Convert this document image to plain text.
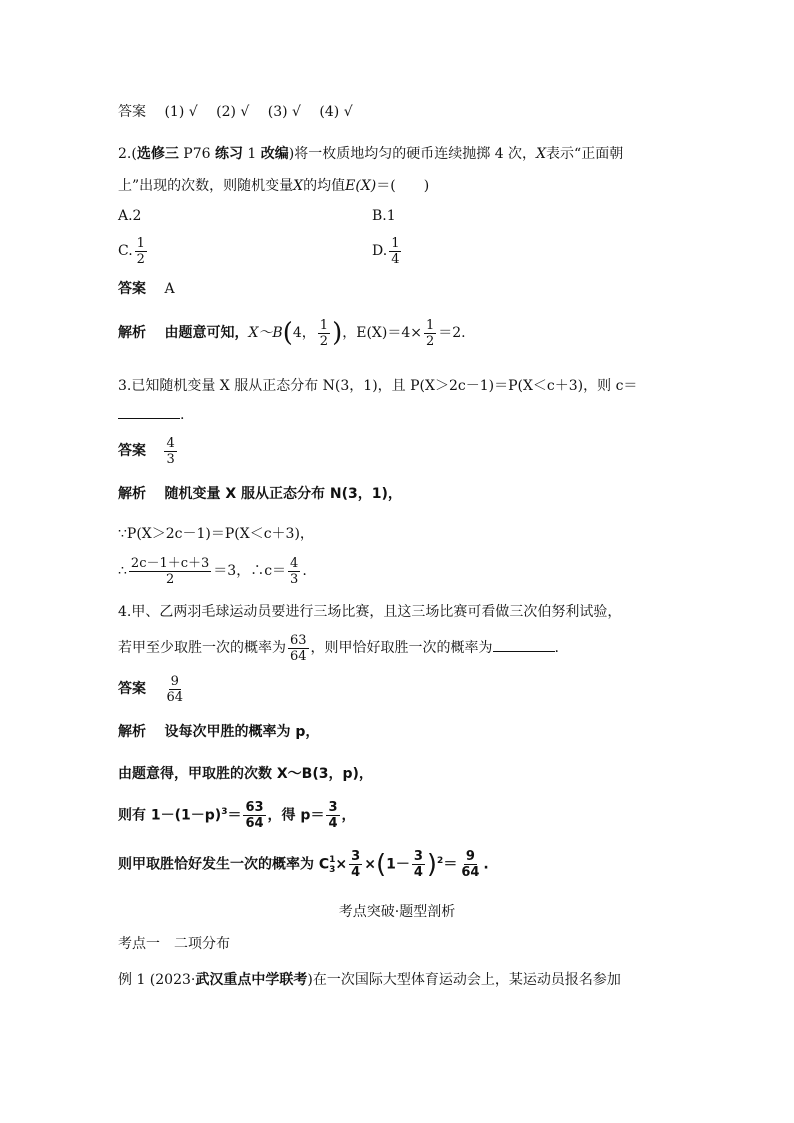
答案 (1) √ (2) √ (3) √ (4) √
2.(选修三 P76 练习 1 改编)将一枚质地均匀的硬币连续抛掷 4 次，X表示“正面朝
上”出现的次数，则随机变量X的均值E(X)＝(　　)
A.2	B.1
C. $\frac{1}{2}$	D. $\frac{1}{4}$
答案 A
解析 由题意可知，X～B(4， $\frac{1}{2}$ )，$E(X)=4\times \frac{1}{2} =2$.
3.已知随机变量 X 服从正态分布 N(3，1)，且 P(X＞2c－1)＝P(X＜c＋3)，则 c＝
.
答案 $\frac{4}{3}$
解析 随机变量 X 服从正态分布 N(3，1)，
∵P(X＞2c－1)＝P(X＜c＋3)，
∴ $\frac{2c-1+c+3}{2} =3$，∴c＝ $\frac{4}{3}$ .
4.甲、乙两羽毛球运动员要进行三场比赛，且这三场比赛可看做三次伯努利试验，
若甲至少取胜一次的概率为 $\frac{63}{64}$ ，则甲恰好取胜一次的概率为	.
答案 $\frac{9}{64}$
解析 设每次甲胜的概率为 p，
由题意得，甲取胜的次数 X～B(3，p)，
则有 $1-(1-p)^3= \frac{63}{64}$ ，得 $p= \frac{3}{4}$ ，
则甲取胜恰好发生一次的概率为 C 1
$3 \times \frac{3}{4} \times(1- \frac{3}{4} )^2= \frac{9}{64}$ .
考点突破·题型剖析
考点一　二项分布
例 1 (2023·武汉重点中学联考)在一次国际大型体育运动会上，某运动员报名参加
